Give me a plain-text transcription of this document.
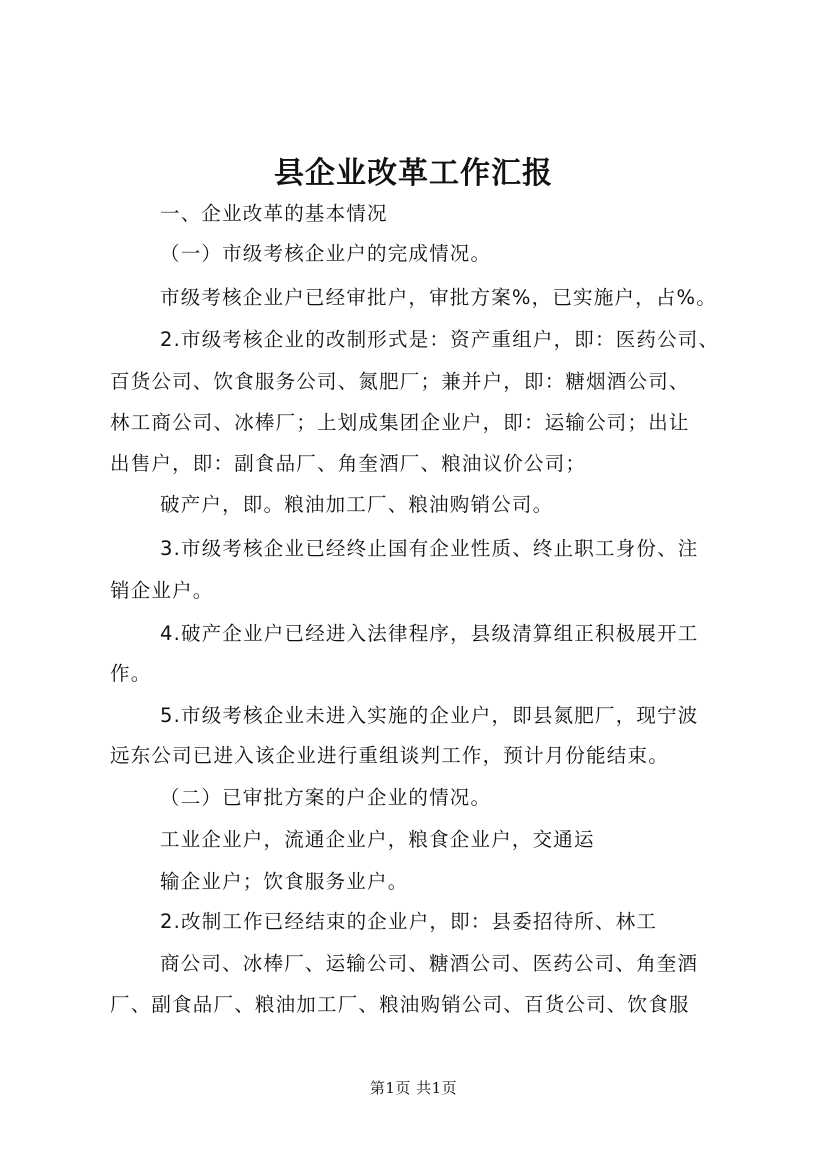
县企业改革工作汇报
一、企业改革的基本情况
（一）市级考核企业户的完成情况。
市级考核企业户已经审批户，审批方案%，已实施户，占%。
2.市级考核企业的改制形式是：资产重组户，即：医药公司、
百货公司、饮食服务公司、氮肥厂；兼并户，即：糖烟酒公司、
林工商公司、冰棒厂；上划成集团企业户，即：运输公司；出让
出售户，即：副食品厂、角奎酒厂、粮油议价公司；
破产户，即。粮油加工厂、粮油购销公司。
3.市级考核企业已经终止国有企业性质、终止职工身份、注
销企业户。
4.破产企业户已经进入法律程序，县级清算组正积极展开工
作。
5.市级考核企业未进入实施的企业户，即县氮肥厂，现宁波
远东公司已进入该企业进行重组谈判工作，预计月份能结束。
（二）已审批方案的户企业的情况。
工业企业户，流通企业户，粮食企业户，交通运
输企业户；饮食服务业户。
2.改制工作已经结束的企业户，即：县委招待所、林工
商公司、冰棒厂、运输公司、糖酒公司、医药公司、角奎酒
厂、副食品厂、粮油加工厂、粮油购销公司、百货公司、饮食服
第1页 共1页
